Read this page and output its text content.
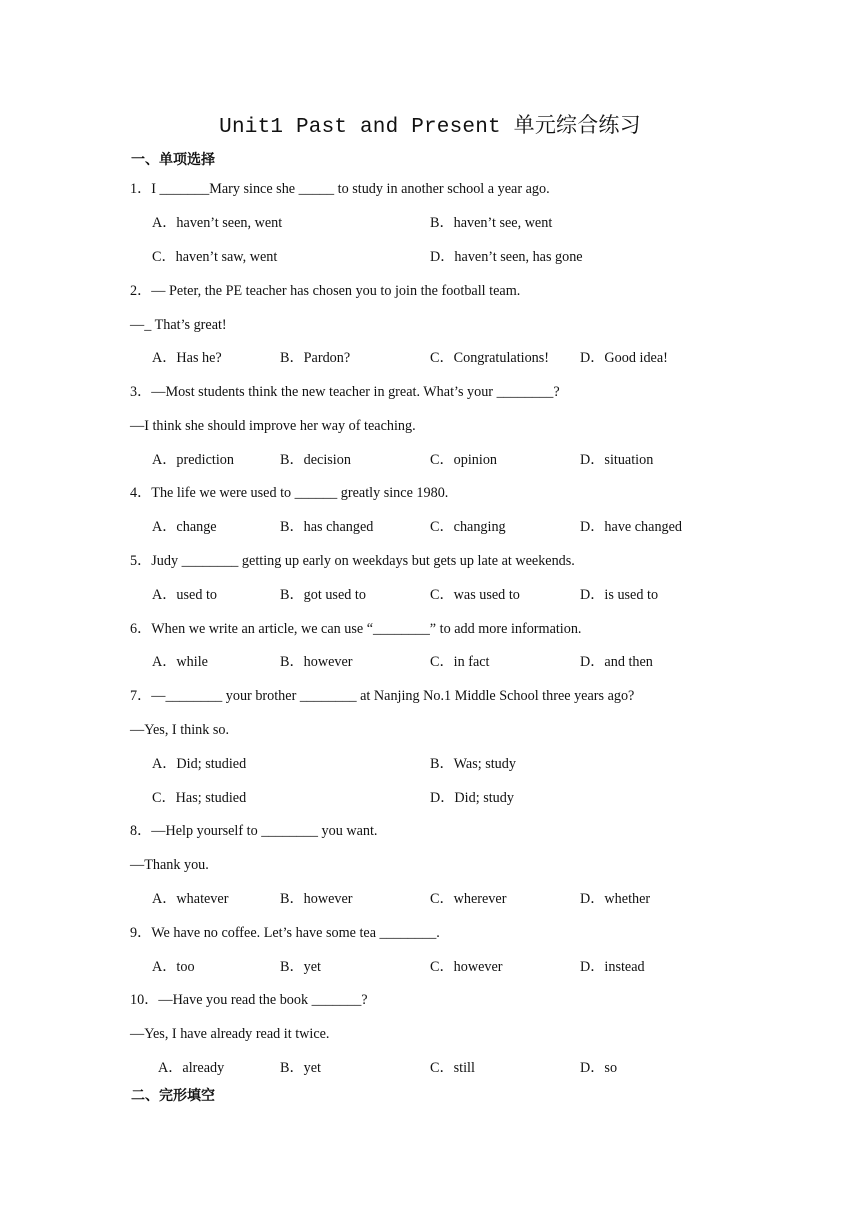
Unit1 Past and Present 单元综合练习
一、单项选择
1．I _______Mary since she _____ to study in another school a year ago.
A．haven’t seen, went	B．haven’t see, went
C．haven’t saw, went	D．haven’t seen, has gone
2．— Peter, the PE teacher has chosen you to join the football team.
—_ That’s great!
A．Has he?	B．Pardon?	C．Congratulations! D．Good idea!
3．—Most students think the new teacher in great. What’s your ________?
—I think she should improve her way of teaching.
A．prediction	B．decision	C．opinion	D．situation
4．The life we were used to ______ greatly since 1980.
A．change	B．has changed	C．changing	D．have changed
5．Judy ________ getting up early on weekdays but gets up late at weekends.
A．used to	B．got used to	C．was used to	D．is used to
6．When we write an article, we can use “________” to add more information.
A．while	B．however	C．in fact	D．and then
7．—________ your brother ________ at Nanjing No.1 Middle School three years ago?
—Yes, I think so.
A．Did; studied	B．Was; study
C．Has; studied	D．Did; study
8．—Help yourself to ________ you want.
—Thank you.
A．whatever	B．however	C．wherever	D．whether
9．We have no coffee. Let’s have some tea ________.
A．too	B．yet	C．however	D．instead
10．—Have you read the book _______?
—Yes, I have already read it twice.
A．already	B．yet	C．still	D．so
二、完形填空
